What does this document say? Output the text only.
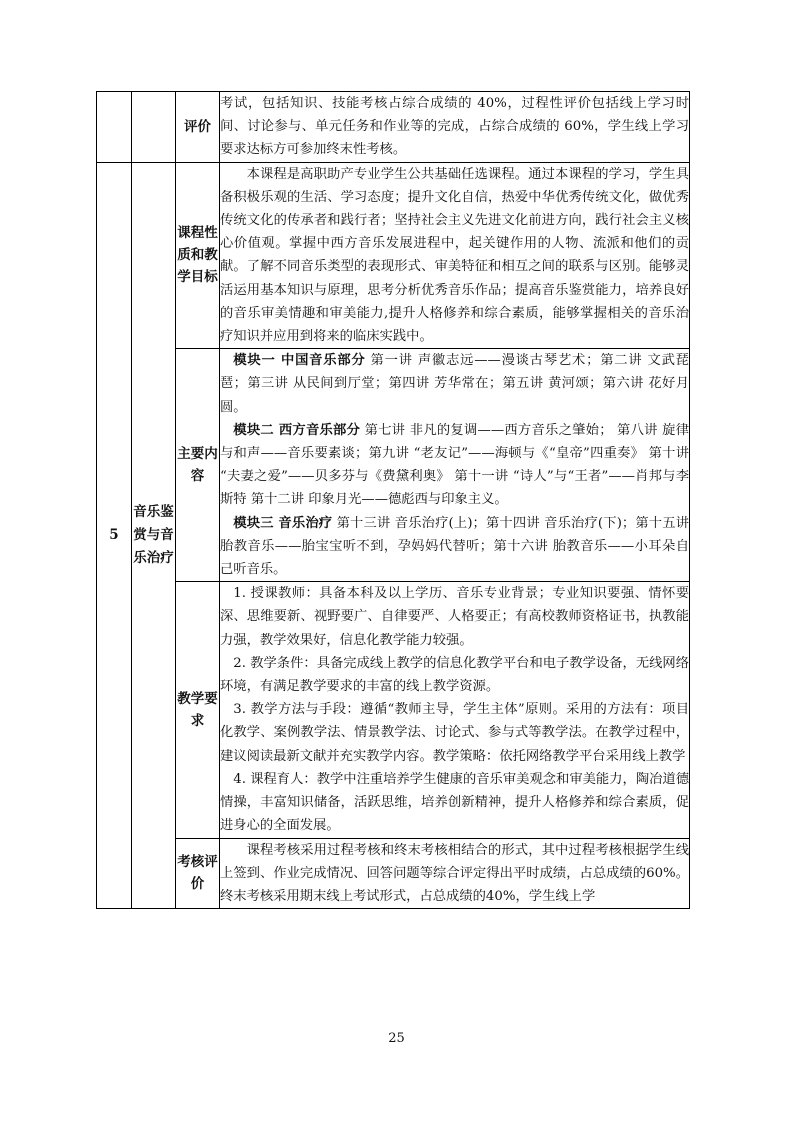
		评价	考试，包括知识、技能考核占综合成绩的 40%，过程性评价包括线上学习时间、讨论参与、单元任务和作业等的完成，占综合成绩的 60%，学生线上学习要求达标方可参加终末性考核。

5	音乐鉴赏与音乐治疗	课程性质和教学目标	本课程是高职助产专业学生公共基础任选课程。通过本课程的学习，学生具备积极乐观的生活、学习态度；提升文化自信，热爱中华优秀传统文化，做优秀传统文化的传承者和践行者；坚持社会主义先进文化前进方向，践行社会主义核心价值观。掌握中西方音乐发展进程中，起关键作用的人物、流派和他们的贡献。了解不同音乐类型的表现形式、审美特征和相互之间的联系与区别。能够灵活运用基本知识与原理，思考分析优秀音乐作品；提高音乐鉴赏能力，培养良好的音乐审美情趣和审美能力,提升人格修养和综合素质，能够掌握相关的音乐治疗知识并应用到将来的临床实践中。

		主要内容	模块一 中国音乐部分 第一讲 声徽志远——漫谈古琴艺术；第二讲 文武琵琶；第三讲 从民间到厅堂；第四讲 芳华常在；第五讲 黄河颂；第六讲 花好月圆。

模块二 西方音乐部分 第七讲 非凡的复调——西方音乐之肇始； 第八讲 旋律与和声——音乐要素谈；第九讲 “老友记”——海顿与《“皇帝”四重奏》 第十讲 “夫妻之爱”——贝多芬与《费黛利奥》 第十一讲 “诗人”与“王者”——肖邦与李斯特 第十二讲 印象月光——德彪西与印象主义。

模块三 音乐治疗 第十三讲 音乐治疗(上)；第十四讲 音乐治疗(下)；第十五讲 胎教音乐——胎宝宝听不到，孕妈妈代替听；第十六讲 胎教音乐——小耳朵自己听音乐。

		教学要求	1. 授课教师：具备本科及以上学历、音乐专业背景；专业知识要强、情怀要深、思维要新、视野要广、自律要严、人格要正；有高校教师资格证书，执教能力强，教学效果好，信息化教学能力较强。

2. 教学条件：具备完成线上教学的信息化教学平台和电子教学设备，无线网络环境，有满足教学要求的丰富的线上教学资源。

3. 教学方法与手段：遵循“教师主导，学生主体”原则。采用的方法有：项目化教学、案例教学法、情景教学法、讨论式、参与式等教学法。在教学过程中，建议阅读最新文献并充实教学内容。教学策略：依托网络教学平台采用线上教学

4. 课程育人：教学中注重培养学生健康的音乐审美观念和审美能力，陶冶道德情操，丰富知识储备，活跃思维，培养创新精神，提升人格修养和综合素质，促进身心的全面发展。

		考核评价	课程考核采用过程考核和终末考核相结合的形式，其中过程考核根据学生线上签到、作业完成情况、回答问题等综合评定得出平时成绩，占总成绩的60%。终末考核采用期末线上考试形式，占总成绩的40%，学生线上学

25
